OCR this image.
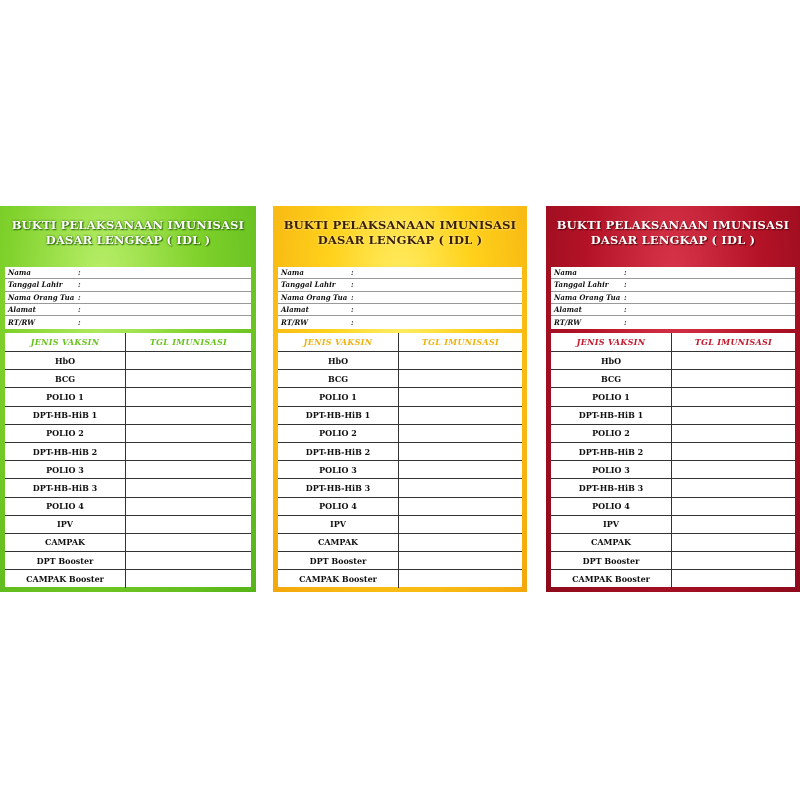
BUKTI PELAKSANAAN IMUNISASI
DASAR LENGKAP ( IDL )
Nama	:
Tanggal Lahir	:
Nama Orang Tua :
Alamat	:
RT/RW	:
JENIS VAKSIN	TGL IMUNISASI
HbO
BCG
POLIO 1
DPT-HB-HiB 1
POLIO 2
DPT-HB-HiB 2
POLIO 3
DPT-HB-HiB 3
POLIO 4
IPV
CAMPAK
DPT Booster
CAMPAK Booster
BUKTI PELAKSANAAN IMUNISASI
DASAR LENGKAP ( IDL )
Nama	:
Tanggal Lahir	:
Nama Orang Tua :
Alamat	:
RT/RW	:
JENIS VAKSIN	TGL IMUNISASI
HbO
BCG
POLIO 1
DPT-HB-HiB 1
POLIO 2
DPT-HB-HiB 2
POLIO 3
DPT-HB-HiB 3
POLIO 4
IPV
CAMPAK
DPT Booster
CAMPAK Booster
BUKTI PELAKSANAAN IMUNISASI
DASAR LENGKAP ( IDL )
Nama	:
Tanggal Lahir	:
Nama Orang Tua :
Alamat	:
RT/RW	:
JENIS VAKSIN	TGL IMUNISASI
HbO
BCG
POLIO 1
DPT-HB-HiB 1
POLIO 2
DPT-HB-HiB 2
POLIO 3
DPT-HB-HiB 3
POLIO 4
IPV
CAMPAK
DPT Booster
CAMPAK Booster
